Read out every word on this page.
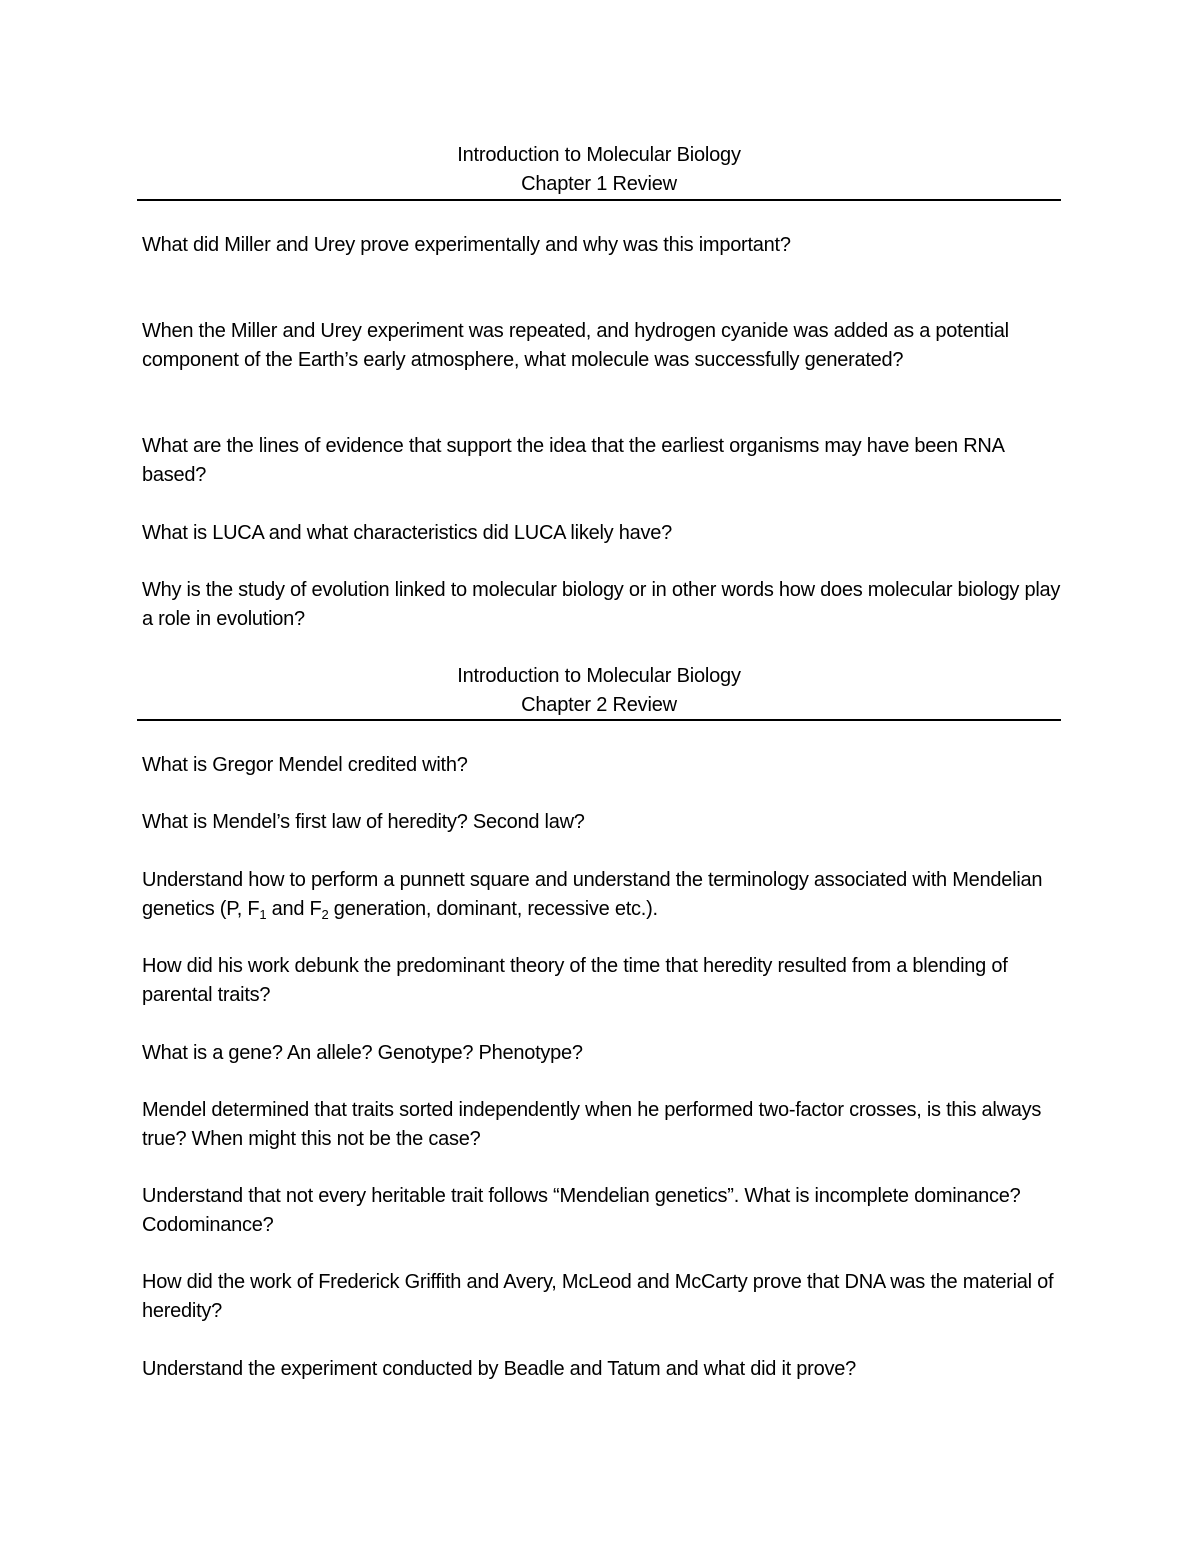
Introduction to Molecular Biology
Chapter 1 Review
What did Miller and Urey prove experimentally and why was this important?
When the Miller and Urey experiment was repeated, and hydrogen cyanide was added as a potential component of the Earth’s early atmosphere, what molecule was successfully generated?
What are the lines of evidence that support the idea that the earliest organisms may have been RNA based?
What is LUCA and what characteristics did LUCA likely have?
Why is the study of evolution linked to molecular biology or in other words how does molecular biology play a role in evolution?
Introduction to Molecular Biology
Chapter 2 Review
What is Gregor Mendel credited with?
What is Mendel’s first law of heredity? Second law?
Understand how to perform a punnett square and understand the terminology associated with Mendelian genetics (P, $F_1$ and $F_2$ generation, dominant, recessive etc.).
How did his work debunk the predominant theory of the time that heredity resulted from a blending of parental traits?
What is a gene? An allele? Genotype? Phenotype?
Mendel determined that traits sorted independently when he performed two-factor crosses, is this always true? When might this not be the case?
Understand that not every heritable trait follows “Mendelian genetics”. What is incomplete dominance? Codominance?
How did the work of Frederick Griffith and Avery, McLeod and McCarty prove that DNA was the material of heredity?
Understand the experiment conducted by Beadle and Tatum and what did it prove?
